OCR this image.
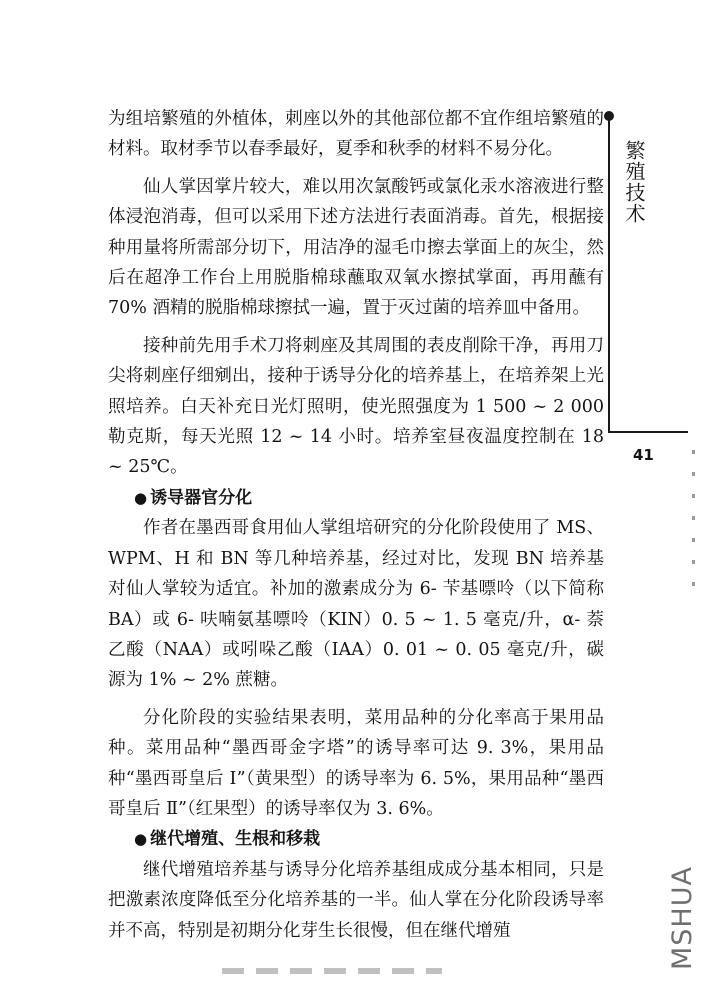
为组培繁殖的外植体，刺座以外的其他部位都不宜作组培繁殖的材料。取材季节以春季最好，夏季和秋季的材料不易分化。

仙人掌因掌片较大，难以用次氯酸钙或氯化汞水溶液进行整体浸泡消毒，但可以采用下述方法进行表面消毒。首先，根据接种用量将所需部分切下，用洁净的湿毛巾擦去掌面上的灰尘，然后在超净工作台上用脱脂棉球蘸取双氧水擦拭掌面，再用蘸有 70% 酒精的脱脂棉球擦拭一遍，置于灭过菌的培养皿中备用。

接种前先用手术刀将刺座及其周围的表皮削除干净，再用刀尖将刺座仔细剜出，接种于诱导分化的培养基上，在培养架上光照培养。白天补充日光灯照明，使光照强度为 1 500 ~ 2 000 勒克斯，每天光照 12 ~ 14 小时。培养室昼夜温度控制在 18 ~ 25℃。

● 诱导器官分化

作者在墨西哥食用仙人掌组培研究的分化阶段使用了 MS、WPM、H 和 BN 等几种培养基，经过对比，发现 BN 培养基对仙人掌较为适宜。补加的激素成分为 6- 苄基嘌呤（以下简称 BA）或 6- 呋喃氨基嘌呤（KIN）0. 5 ~ 1. 5 毫克/升，α- 萘乙酸（NAA）或吲哚乙酸（IAA）0. 01 ~ 0. 05 毫克/升，碳源为 1% ~ 2% 蔗糖。

分化阶段的实验结果表明，菜用品种的分化率高于果用品种。菜用品种“墨西哥金字塔”的诱导率可达 9. 3%，果用品种“墨西哥皇后 Ⅰ”（黄果型）的诱导率为 6. 5%，果用品种“墨西哥皇后 Ⅱ”（红果型）的诱导率仅为 3. 6%。

● 继代增殖、生根和移栽

继代增殖培养基与诱导分化培养基组成成分基本相同，只是把激素浓度降低至分化培养基的一半。仙人掌在分化阶段诱导率并不高，特别是初期分化芽生长很慢，但在继代增殖

繁殖技术
41
MSHUA
